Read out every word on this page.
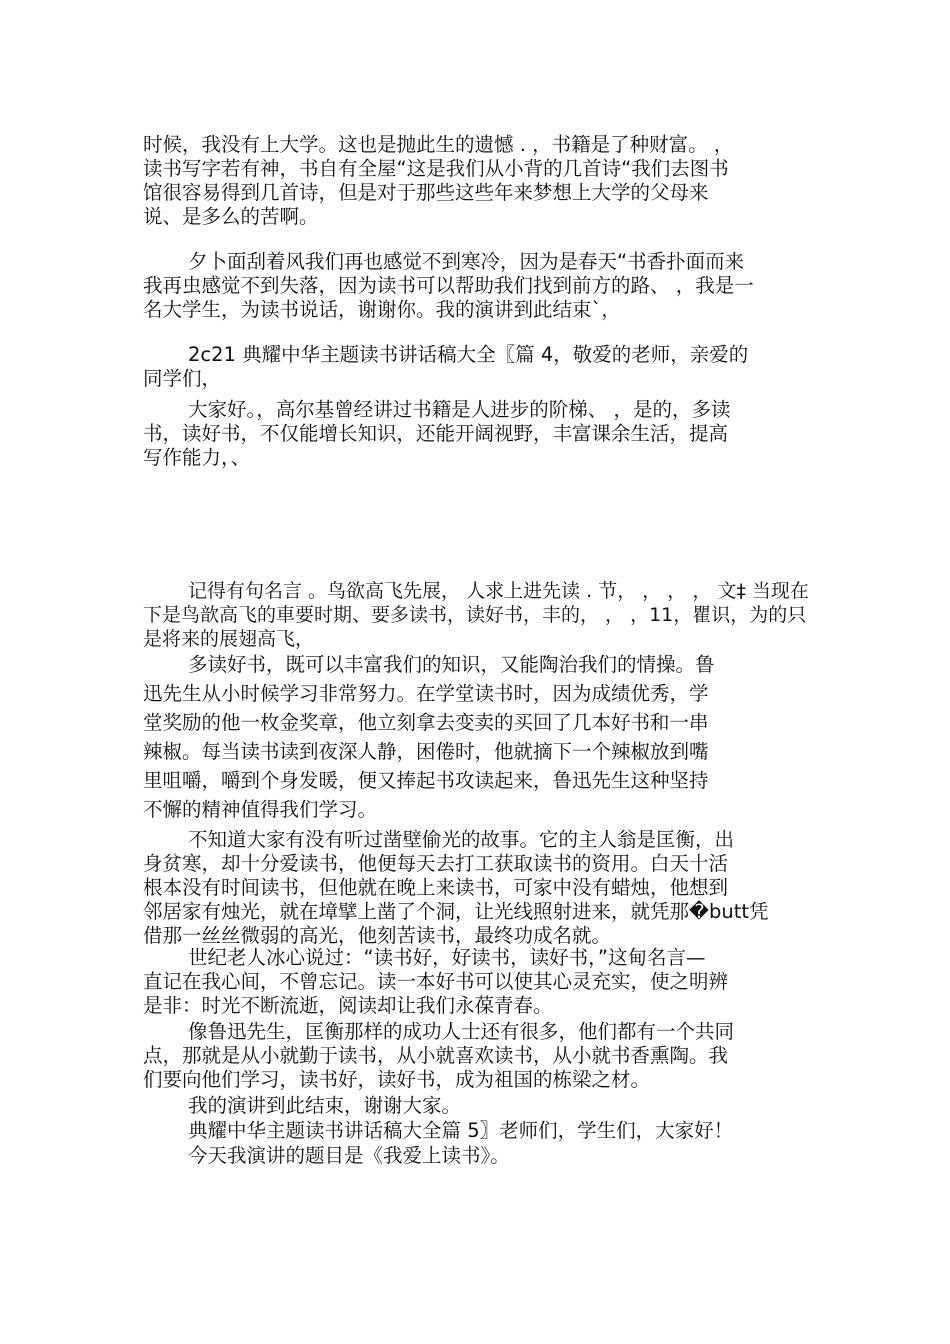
时候，我没有上大学。这也是抛此生的遗憾 . ，书籍是了种财富。 ，
读书写字若有神，书自有全屋“这是我们从小背的几首诗“我们去图书
馆很容易得到几首诗，但是对于那些这些年来梦想上大学的父母来
说、是多么的苦啊。
夕卜面刮着风我们再也感觉不到寒冷，因为是春天“书香扑面而来
我再虫感觉不到失落，因为读书可以帮助我们找到前方的路、 ，我是一
名大学生，为读书说话，谢谢你。我的演讲到此结束`，
2c21 典耀中华主题读书讲话稿大全〖篇 4，敬爱的老师，亲爱的
同学们，
大家好。，高尔基曾经讲过书籍是人进步的阶梯、 ，是的，多读
书，读好书，不仅能增长知识，还能开阔视野，丰富课余生活，提高
写作能力，、
记得有句名言 。鸟欲高飞先展， 人求上进先读 . 节， ， ， ， 文‡ 当现在
下是鸟歆高飞的車要时期、要多读书，读好书，丰的， ， ，11，瞿识，为的只
是将来的展翅高飞，
多读好书，既可以丰富我们的知识，又能陶治我们的情操。鲁
迅先生从小时候学习非常努力。在学堂读书时，因为成绩优秀，学
堂奖励的他一枚金奖章，他立刻拿去变卖的买回了几本好书和一串
辣椒。每当读书读到夜深人静，困倦时，他就摘下一个辣椒放到嘴
里咀嚼，嚼到个身发暖，便又捧起书攻读起来，鲁迅先生这种坚持
不懈的精神值得我们学习。
不知道大家有没有听过凿壁偷光的故事。它的主人翁是匡衡，出
身贫寒，却十分爱读书，他便每天去打工获取读书的资用。白天十活
根本没有时间读书，但他就在晚上来读书，可家中没有蜡烛，他想到
邻居家有烛光，就在墇擘上凿了个洞，让光线照射进来，就凭那�butt凭
借那一丝丝微弱的高光，他刻苦读书，最终功成名就。
世纪老人冰心说过：“读书好，好读书，读好书，”这甸名言—
直记在我心间，不曾忘记。读一本好书可以使其心灵充实，使之明辨
是非：时光不断流逝，阅读却让我们永葆青春。
像鲁迅先生，匡衡那样的成功人士还有很多，他们都有一个共同
点，那就是从小就勤于读书，从小就喜欢读书，从小就书香熏陶。我
们要向他们学习，读书好，读好书，成为祖国的栋梁之材。
我的演讲到此结束，谢谢大家。
典耀中华主题读书讲话稿大全篇 5〗老师们，学生们，大家好！
今天我演讲的题目是《我爱上读书》。
